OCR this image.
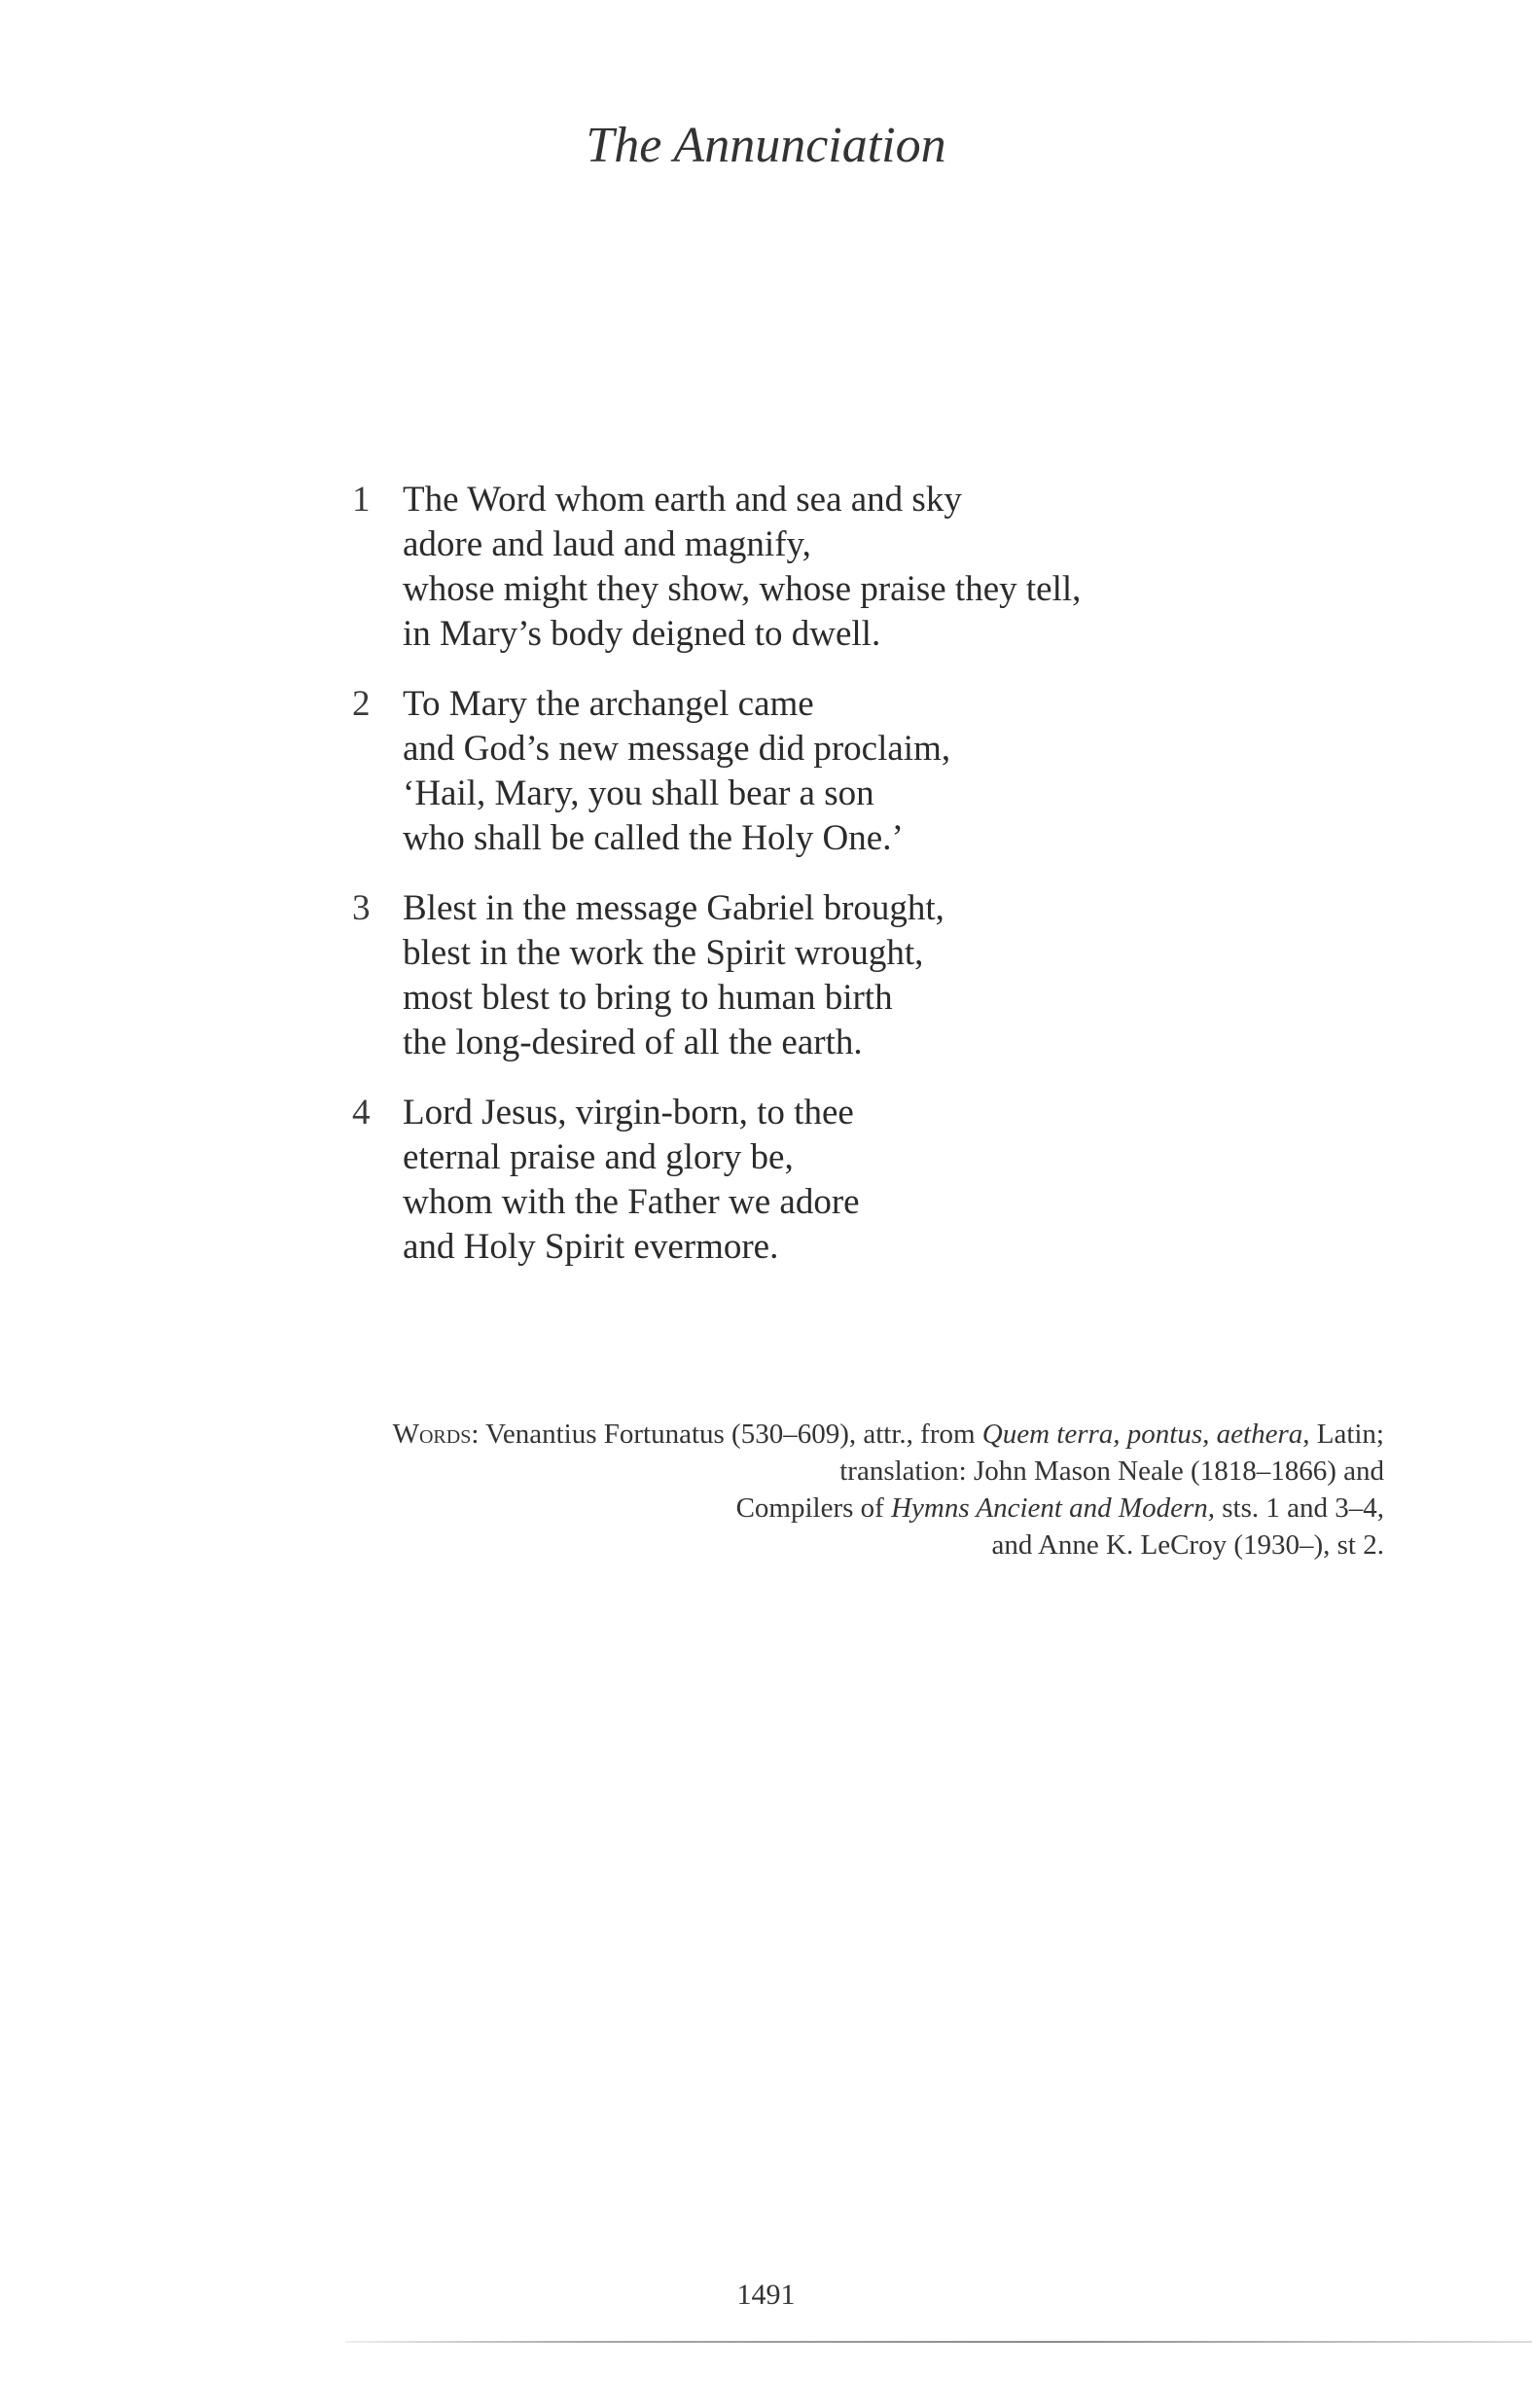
The Annunciation
1 The Word whom earth and sea and sky
adore and laud and magnify,
whose might they show, whose praise they tell,
in Mary’s body deigned to dwell.
2 To Mary the archangel came
and God’s new message did proclaim,
‘Hail, Mary, you shall bear a son
who shall be called the Holy One.’
3 Blest in the message Gabriel brought,
blest in the work the Spirit wrought,
most blest to bring to human birth
the long-desired of all the earth.
4 Lord Jesus, virgin-born, to thee
eternal praise and glory be,
whom with the Father we adore
and Holy Spirit evermore.
Words: Venantius Fortunatus (530–609), attr., from Quem terra, pontus, aethera, Latin;
translation: John Mason Neale (1818–1866) and
Compilers of Hymns Ancient and Modern, sts. 1 and 3–4,
and Anne K. LeCroy (1930–), st 2.
1491
